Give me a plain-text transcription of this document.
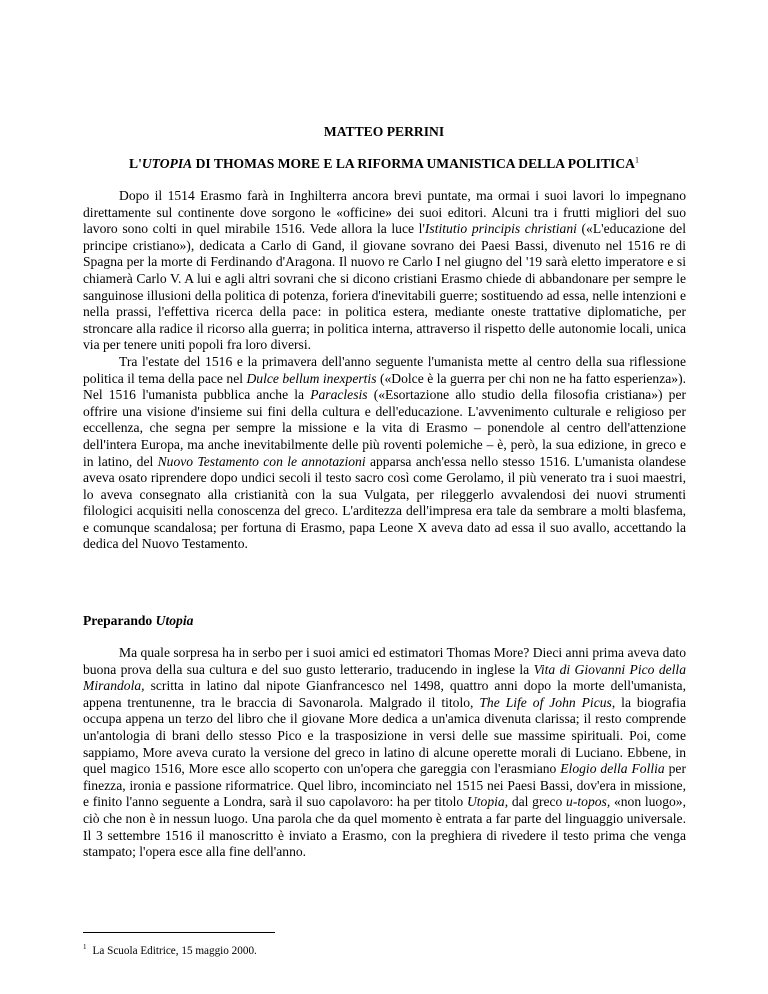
MATTEO PERRINI
L'UTOPIA DI THOMAS MORE E LA RIFORMA UMANISTICA DELLA POLITICA$^1$

Dopo il 1514 Erasmo farà in Inghilterra ancora brevi puntate, ma ormai i suoi lavori lo impegnano direttamente sul continente dove sorgono le «officine» dei suoi editori. Alcuni tra i frutti migliori del suo lavoro sono colti in quel mirabile 1516. Vede allora la luce l'Istitutio principis christiani («L'educazione del principe cristiano»), dedicata a Carlo di Gand, il giovane sovrano dei Paesi Bassi, divenuto nel 1516 re di Spagna per la morte di Ferdinando d'Aragona. Il nuovo re Carlo I nel giugno del '19 sarà eletto imperatore e si chiamerà Carlo V. A lui e agli altri sovrani che si dicono cristiani Erasmo chiede di abbandonare per sempre le sanguinose illusioni della politica di potenza, foriera d'inevitabili guerre; sostituendo ad essa, nelle intenzioni e nella prassi, l'effettiva ricerca della pace: in politica estera, mediante oneste trattative diplomatiche, per stroncare alla radice il ricorso alla guerra; in politica interna, attraverso il rispetto delle autonomie locali, unica via per tenere uniti popoli fra loro diversi.

Tra l'estate del 1516 e la primavera dell'anno seguente l'umanista mette al centro della sua riflessione politica il tema della pace nel Dulce bellum inexpertis («Dolce è la guerra per chi non ne ha fatto esperienza»). Nel 1516 l'umanista pubblica anche la Paraclesis («Esortazione allo studio della filosofia cristiana») per offrire una visione d'insieme sui fini della cultura e dell'educazione. L'avvenimento culturale e religioso per eccellenza, che segna per sempre la missione e la vita di Erasmo – ponendole al centro dell'attenzione dell'intera Europa, ma anche inevitabilmente delle più roventi polemiche – è, però, la sua edizione, in greco e in latino, del Nuovo Testamento con le annotazioni apparsa anch'essa nello stesso 1516. L'umanista olandese aveva osato riprendere dopo undici secoli il testo sacro così come Gerolamo, il più venerato tra i suoi maestri, lo aveva consegnato alla cristianità con la sua Vulgata, per rileggerlo avvalendosi dei nuovi strumenti filologici acquisiti nella conoscenza del greco. L'arditezza dell'impresa era tale da sembrare a molti blasfema, e comunque scandalosa; per fortuna di Erasmo, papa Leone X aveva dato ad essa il suo avallo, accettando la dedica del Nuovo Testamento.

Preparando Utopia

Ma quale sorpresa ha in serbo per i suoi amici ed estimatori Thomas More? Dieci anni prima aveva dato buona prova della sua cultura e del suo gusto letterario, traducendo in inglese la Vita di Giovanni Pico della Mirandola, scritta in latino dal nipote Gianfrancesco nel 1498, quattro anni dopo la morte dell'umanista, appena trentunenne, tra le braccia di Savonarola. Malgrado il titolo, The Life of John Picus, la biografia occupa appena un terzo del libro che il giovane More dedica a un'amica divenuta clarissa; il resto comprende un'antologia di brani dello stesso Pico e la trasposizione in versi delle sue massime spirituali. Poi, come sappiamo, More aveva curato la versione del greco in latino di alcune operette morali di Luciano. Ebbene, in quel magico 1516, More esce allo scoperto con un'opera che gareggia con l'erasmiano Elogio della Follia per finezza, ironia e passione riformatrice. Quel libro, incominciato nel 1515 nei Paesi Bassi, dov'era in missione, e finito l'anno seguente a Londra, sarà il suo capolavoro: ha per titolo Utopia, dal greco u-topos, «non luogo», ciò che non è in nessun luogo. Una parola che da quel momento è entrata a far parte del linguaggio universale. Il 3 settembre 1516 il manoscritto è inviato a Erasmo, con la preghiera di rivedere il testo prima che venga stampato; l'opera esce alla fine dell'anno.

$^1$ La Scuola Editrice, 15 maggio 2000.
